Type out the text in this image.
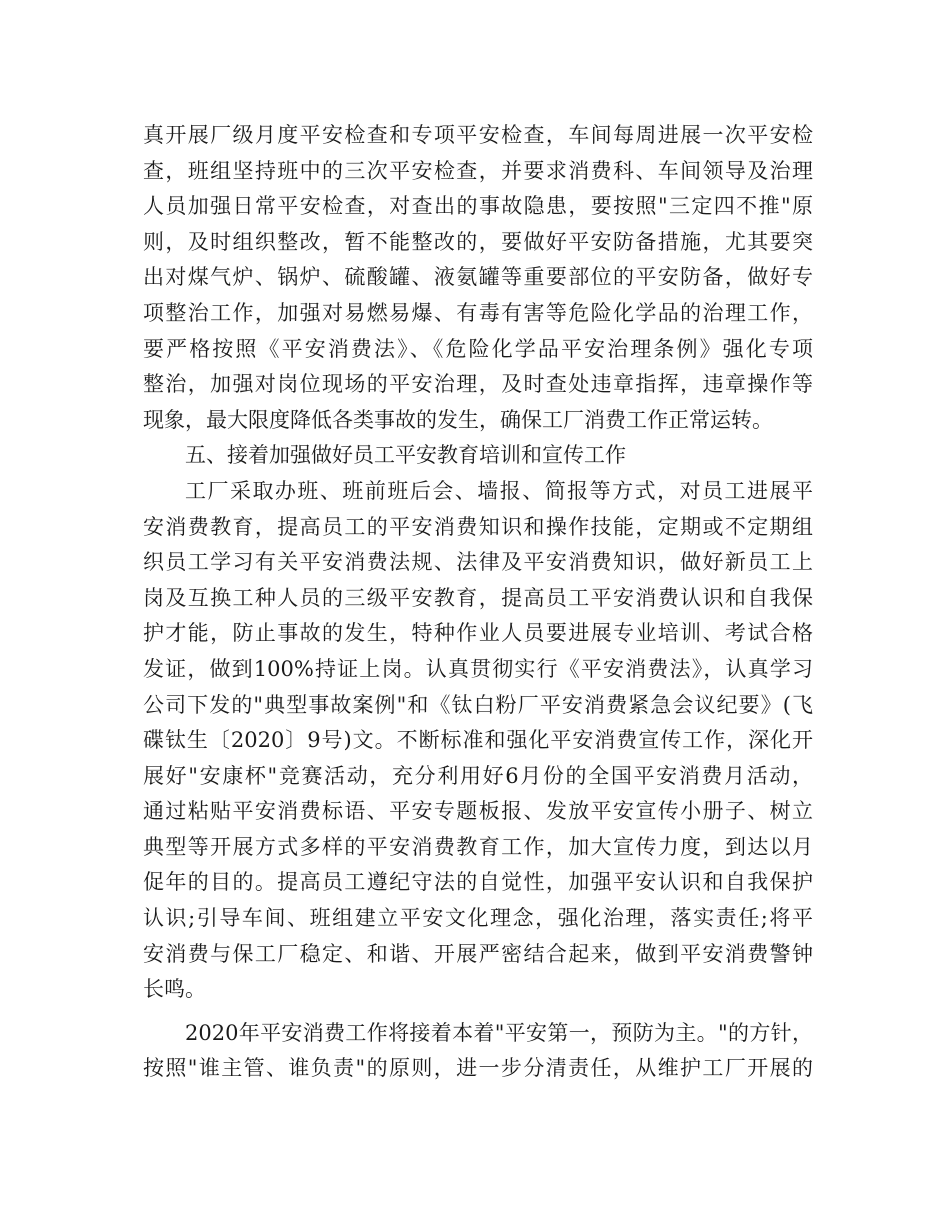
真开展厂级月度平安检查和专项平安检查，车间每周进展一次平安检
查，班组坚持班中的三次平安检查，并要求消费科、车间领导及治理
人员加强日常平安检查，对查出的事故隐患，要按照"三定四不推"原
则，及时组织整改，暂不能整改的，要做好平安防备措施，尤其要突
出对煤气炉、锅炉、硫酸罐、液氨罐等重要部位的平安防备，做好专
项整治工作，加强对易燃易爆、有毒有害等危险化学品的治理工作，
要严格按照《平安消费法》、《危险化学品平安治理条例》强化专项
整治，加强对岗位现场的平安治理，及时查处违章指挥，违章操作等
现象，最大限度降低各类事故的发生，确保工厂消费工作正常运转。
五、接着加强做好员工平安教育培训和宣传工作
工厂采取办班、班前班后会、墙报、简报等方式，对员工进展平
安消费教育，提高员工的平安消费知识和操作技能，定期或不定期组
织员工学习有关平安消费法规、法律及平安消费知识，做好新员工上
岗及互换工种人员的三级平安教育，提高员工平安消费认识和自我保
护才能，防止事故的发生，特种作业人员要进展专业培训、考试合格
发证，做到100%持证上岗。认真贯彻实行《平安消费法》，认真学习
公司下发的"典型事故案例"和《钛白粉厂平安消费紧急会议纪要》(飞
碟钛生〔2020〕9号)文。不断标准和强化平安消费宣传工作，深化开
展好"安康杯"竞赛活动，充分利用好6月份的全国平安消费月活动，
通过粘贴平安消费标语、平安专题板报、发放平安宣传小册子、树立
典型等开展方式多样的平安消费教育工作，加大宣传力度，到达以月
促年的目的。提高员工遵纪守法的自觉性，加强平安认识和自我保护
认识;引导车间、班组建立平安文化理念，强化治理，落实责任;将平
安消费与保工厂稳定、和谐、开展严密结合起来，做到平安消费警钟
长鸣。
2020年平安消费工作将接着本着"平安第一，预防为主。"的方针，
按照"谁主管、谁负责"的原则，进一步分清责任，从维护工厂开展的
